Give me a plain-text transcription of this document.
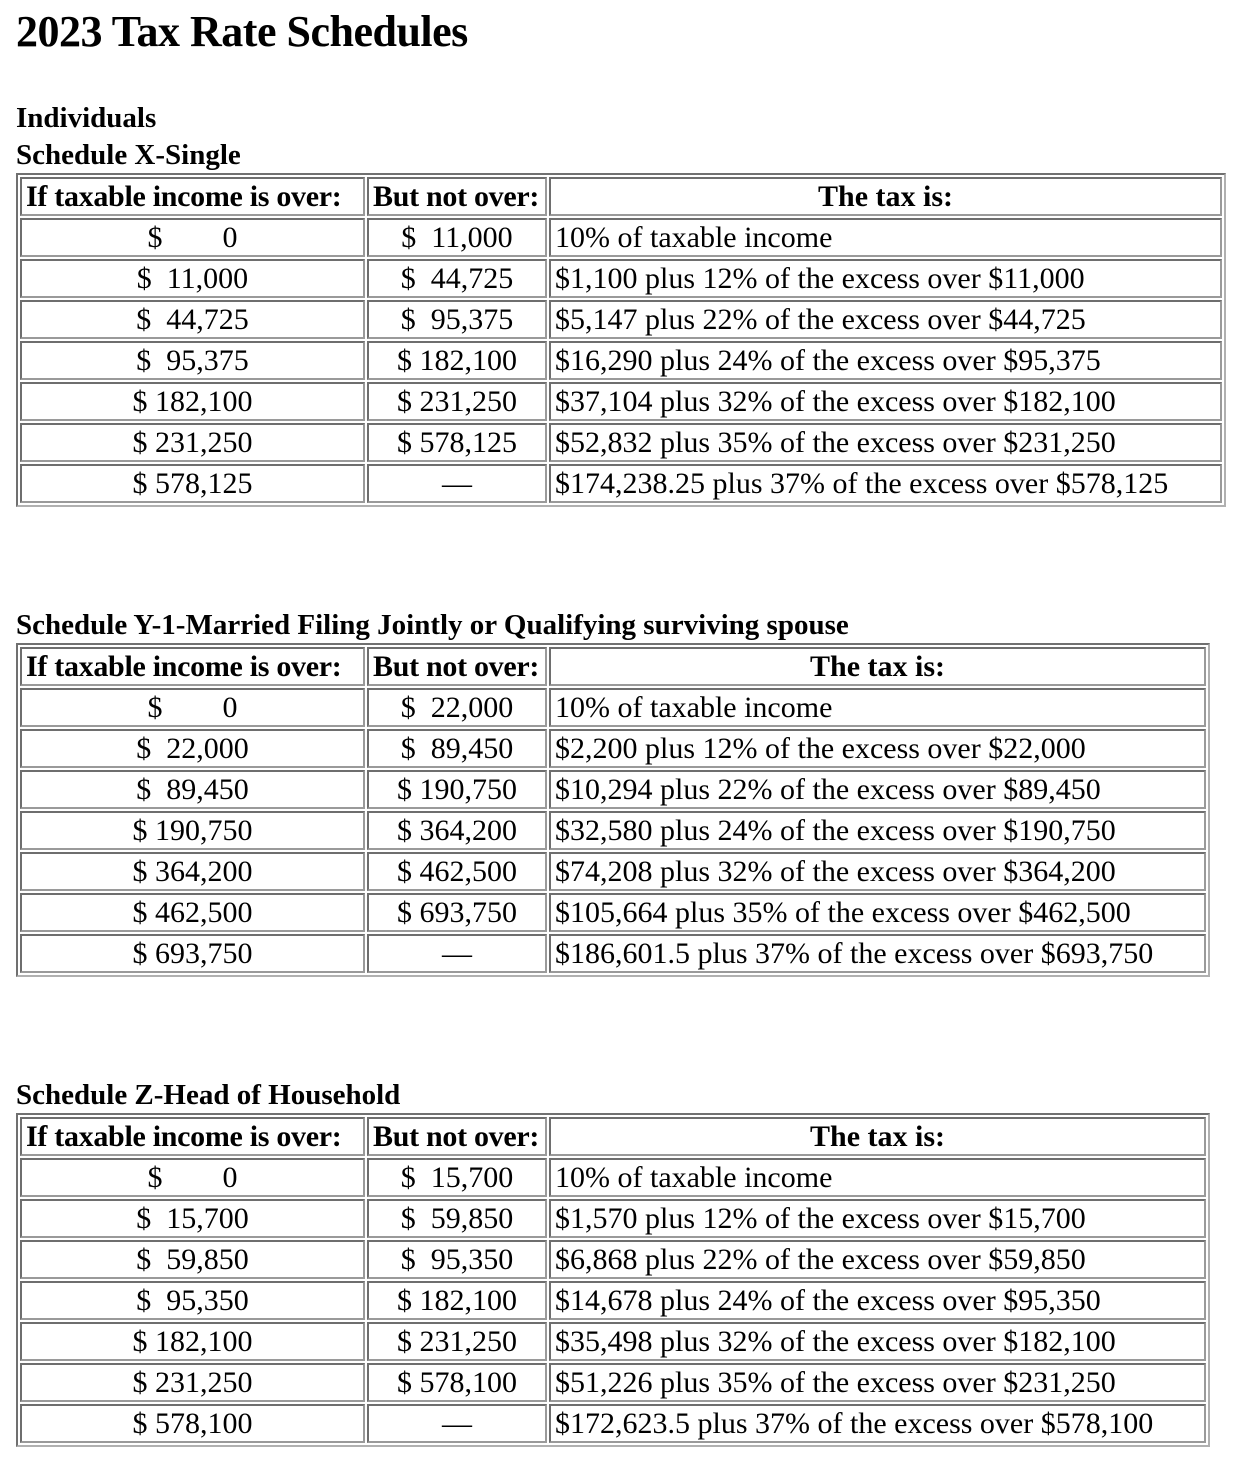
2023 Tax Rate Schedules
Individuals
Schedule X-Single
If taxable income is over:	But not over:	The tax is:
$        0	$  11,000	10% of taxable income
$  11,000	$  44,725	$1,100 plus 12% of the excess over $11,000
$  44,725	$  95,375	$5,147 plus 22% of the excess over $44,725
$  95,375	$ 182,100	$16,290 plus 24% of the excess over $95,375
$ 182,100	$ 231,250	$37,104 plus 32% of the excess over $182,100
$ 231,250	$ 578,125	$52,832 plus 35% of the excess over $231,250
$ 578,125	—	$174,238.25 plus 37% of the excess over $578,125
Schedule Y-1-Married Filing Jointly or Qualifying surviving spouse
If taxable income is over:	But not over:	The tax is:
$        0	$  22,000	10% of taxable income
$  22,000	$  89,450	$2,200 plus 12% of the excess over $22,000
$  89,450	$ 190,750	$10,294 plus 22% of the excess over $89,450
$ 190,750	$ 364,200	$32,580 plus 24% of the excess over $190,750
$ 364,200	$ 462,500	$74,208 plus 32% of the excess over $364,200
$ 462,500	$ 693,750	$105,664 plus 35% of the excess over $462,500
$ 693,750	—	$186,601.5 plus 37% of the excess over $693,750
Schedule Z-Head of Household
If taxable income is over:	But not over:	The tax is:
$        0	$  15,700	10% of taxable income
$  15,700	$  59,850	$1,570 plus 12% of the excess over $15,700
$  59,850	$  95,350	$6,868 plus 22% of the excess over $59,850
$  95,350	$ 182,100	$14,678 plus 24% of the excess over $95,350
$ 182,100	$ 231,250	$35,498 plus 32% of the excess over $182,100
$ 231,250	$ 578,100	$51,226 plus 35% of the excess over $231,250
$ 578,100	—	$172,623.5 plus 37% of the excess over $578,100
